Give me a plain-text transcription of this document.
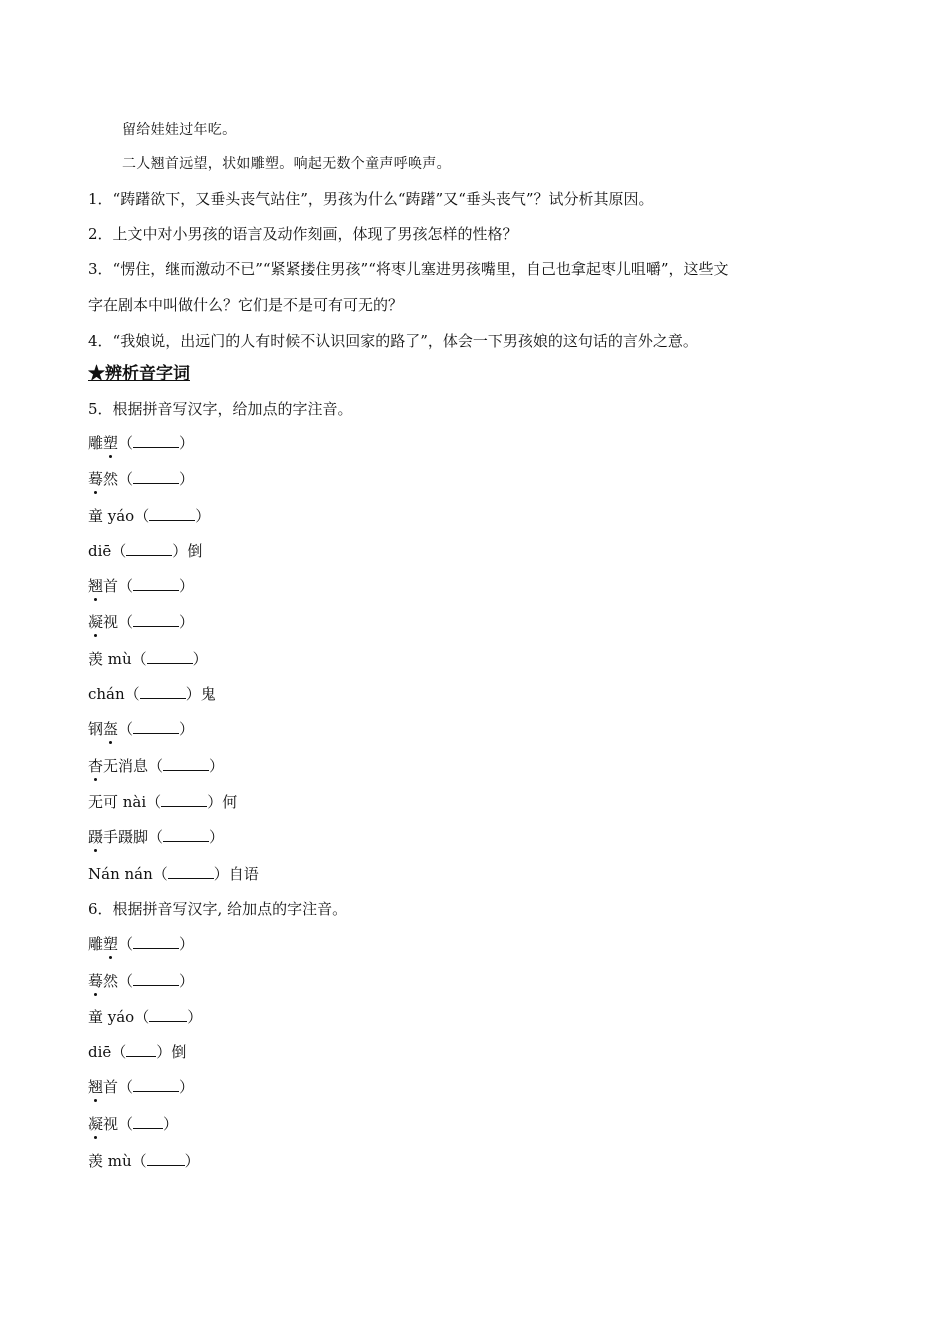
留给娃娃过年吃。
二人翘首远望，状如雕塑。响起无数个童声呼唤声。
1．“踌躇欲下，又垂头丧气站住”，男孩为什么“踌躇”又“垂头丧气”？试分析其原因。
2．上文中对小男孩的语言及动作刻画，体现了男孩怎样的性格？
3．“愣住，继而激动不已”“紧紧搂住男孩”“将枣儿塞进男孩嘴里，自己也拿起枣儿咀嚼”，这些文
字在剧本中叫做什么？它们是不是可有可无的？
4．“我娘说，出远门的人有时候不认识回家的路了”，体会一下男孩娘的这句话的言外之意。
★辨析音字词
5．根据拼音写汉字，给加点的字注音。
雕塑（	）
蓦然（	）
童 yáo（	）
diē（	）倒
翘首（	）
凝视（	）
羡 mù（	）
chán（	）鬼
钢盔（	）
杳无消息（	）
无可 nài（	）何
蹑手蹑脚（	）
Nán nán（	）自语
6．根据拼音写汉字, 给加点的字注音。
雕塑（	）
蓦然（	）
童 yáo（	）
diē（ ）倒
翘首（	）
凝视（ ）
羡 mù（	）
